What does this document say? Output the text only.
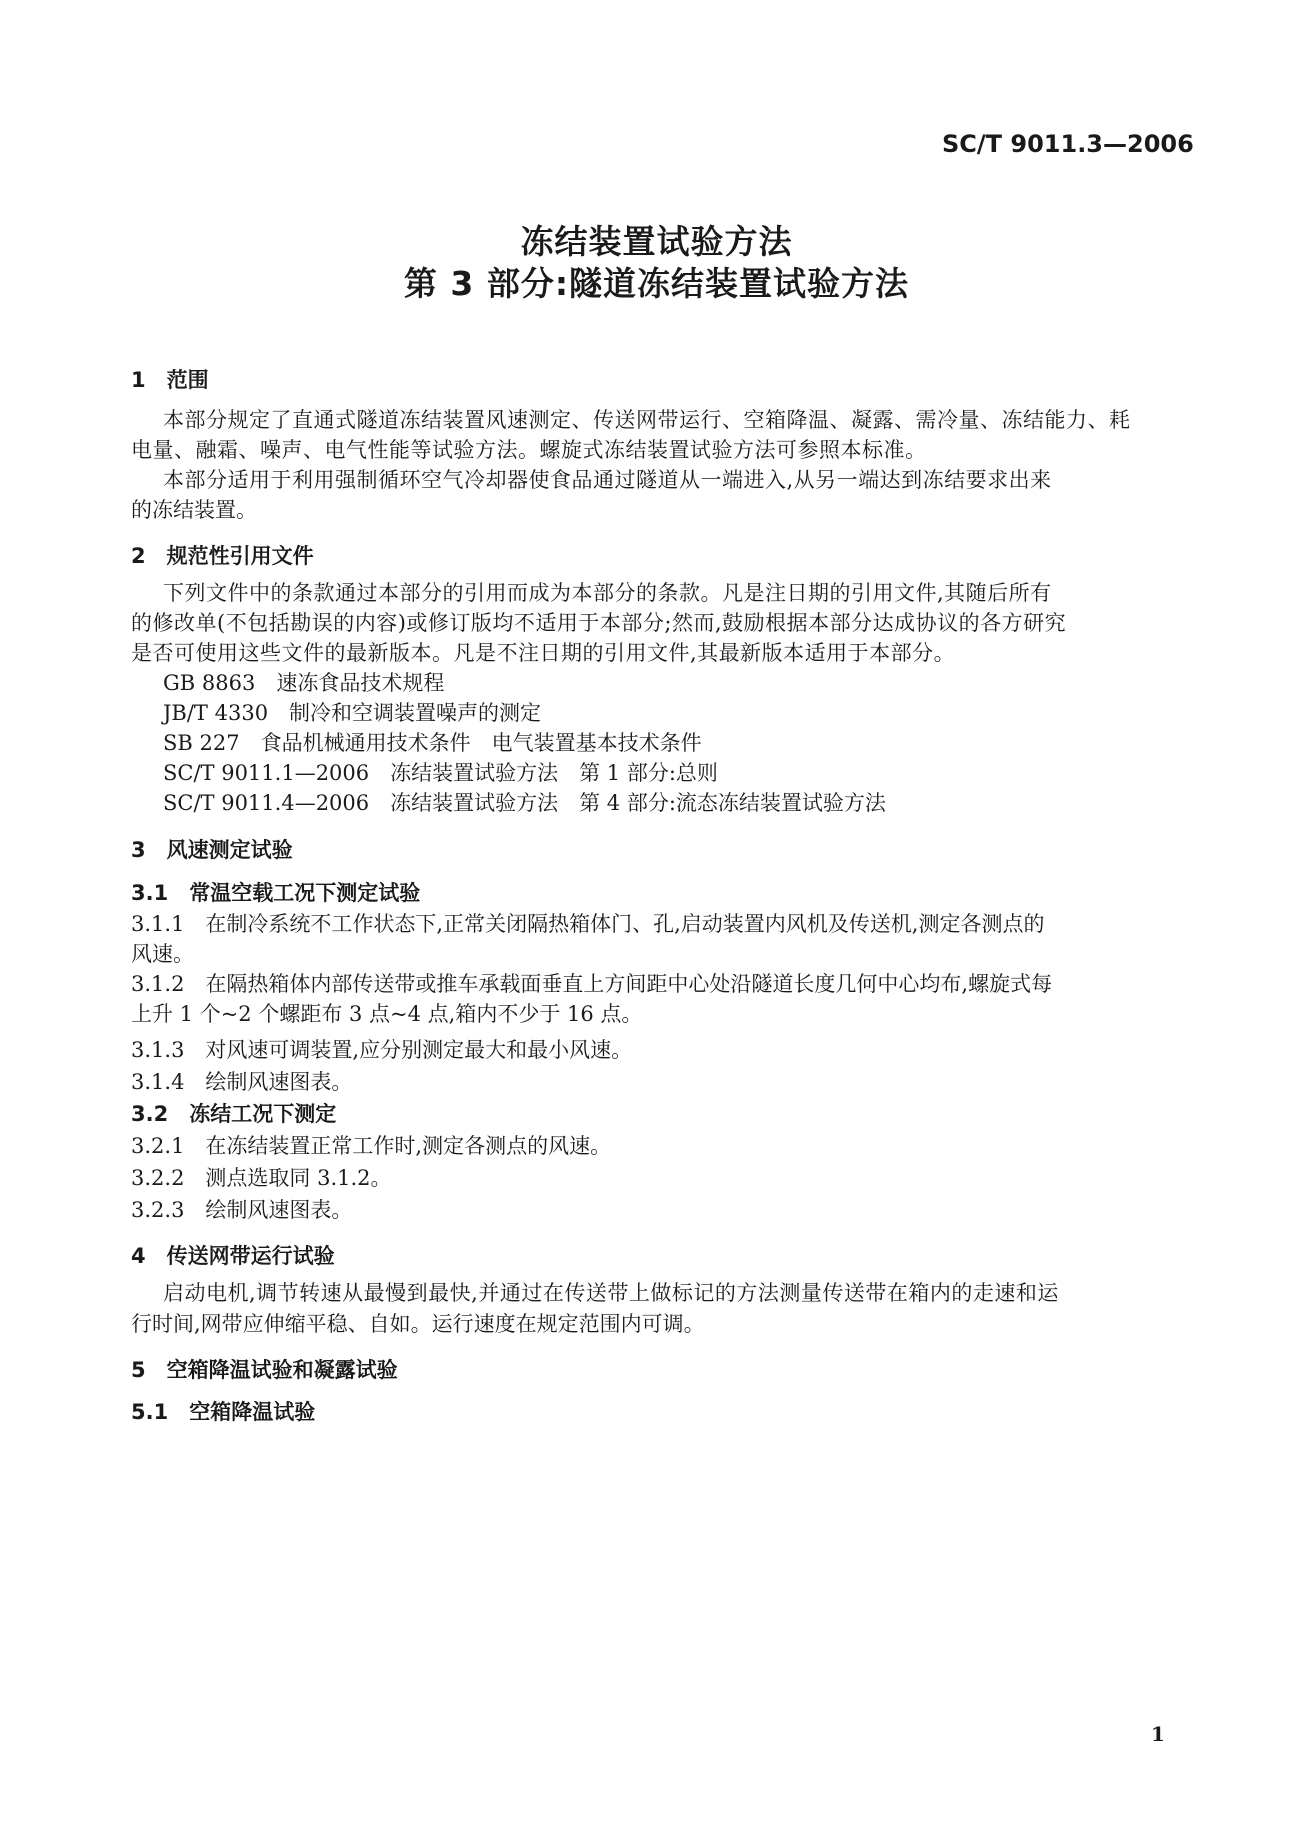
SC/T 9011.3—2006
冻结装置试验方法
第 3 部分:隧道冻结装置试验方法
1　范围
本部分规定了直通式隧道冻结装置风速测定、传送网带运行、空箱降温、凝露、需冷量、冻结能力、耗
电量、融霜、噪声、电气性能等试验方法。螺旋式冻结装置试验方法可参照本标准。
本部分适用于利用强制循环空气冷却器使食品通过隧道从一端进入,从另一端达到冻结要求出来
的冻结装置。
2　规范性引用文件
下列文件中的条款通过本部分的引用而成为本部分的条款。凡是注日期的引用文件,其随后所有
的修改单(不包括勘误的内容)或修订版均不适用于本部分;然而,鼓励根据本部分达成协议的各方研究
是否可使用这些文件的最新版本。凡是不注日期的引用文件,其最新版本适用于本部分。
GB 8863　速冻食品技术规程
JB/T 4330　制冷和空调装置噪声的测定
SB 227　食品机械通用技术条件　电气装置基本技术条件
SC/T 9011.1—2006　冻结装置试验方法　第 1 部分:总则
SC/T 9011.4—2006　冻结装置试验方法　第 4 部分:流态冻结装置试验方法
3　风速测定试验
3.1　常温空载工况下测定试验
3.1.1　在制冷系统不工作状态下,正常关闭隔热箱体门、孔,启动装置内风机及传送机,测定各测点的
风速。
3.1.2　在隔热箱体内部传送带或推车承载面垂直上方间距中心处沿隧道长度几何中心均布,螺旋式每
上升 1 个~2 个螺距布 3 点~4 点,箱内不少于 16 点。
3.1.3　对风速可调装置,应分别测定最大和最小风速。
3.1.4　绘制风速图表。
3.2　冻结工况下测定
3.2.1　在冻结装置正常工作时,测定各测点的风速。
3.2.2　测点选取同 3.1.2。
3.2.3　绘制风速图表。
4　传送网带运行试验
启动电机,调节转速从最慢到最快,并通过在传送带上做标记的方法测量传送带在箱内的走速和运
行时间,网带应伸缩平稳、自如。运行速度在规定范围内可调。
5　空箱降温试验和凝露试验
5.1　空箱降温试验
1
